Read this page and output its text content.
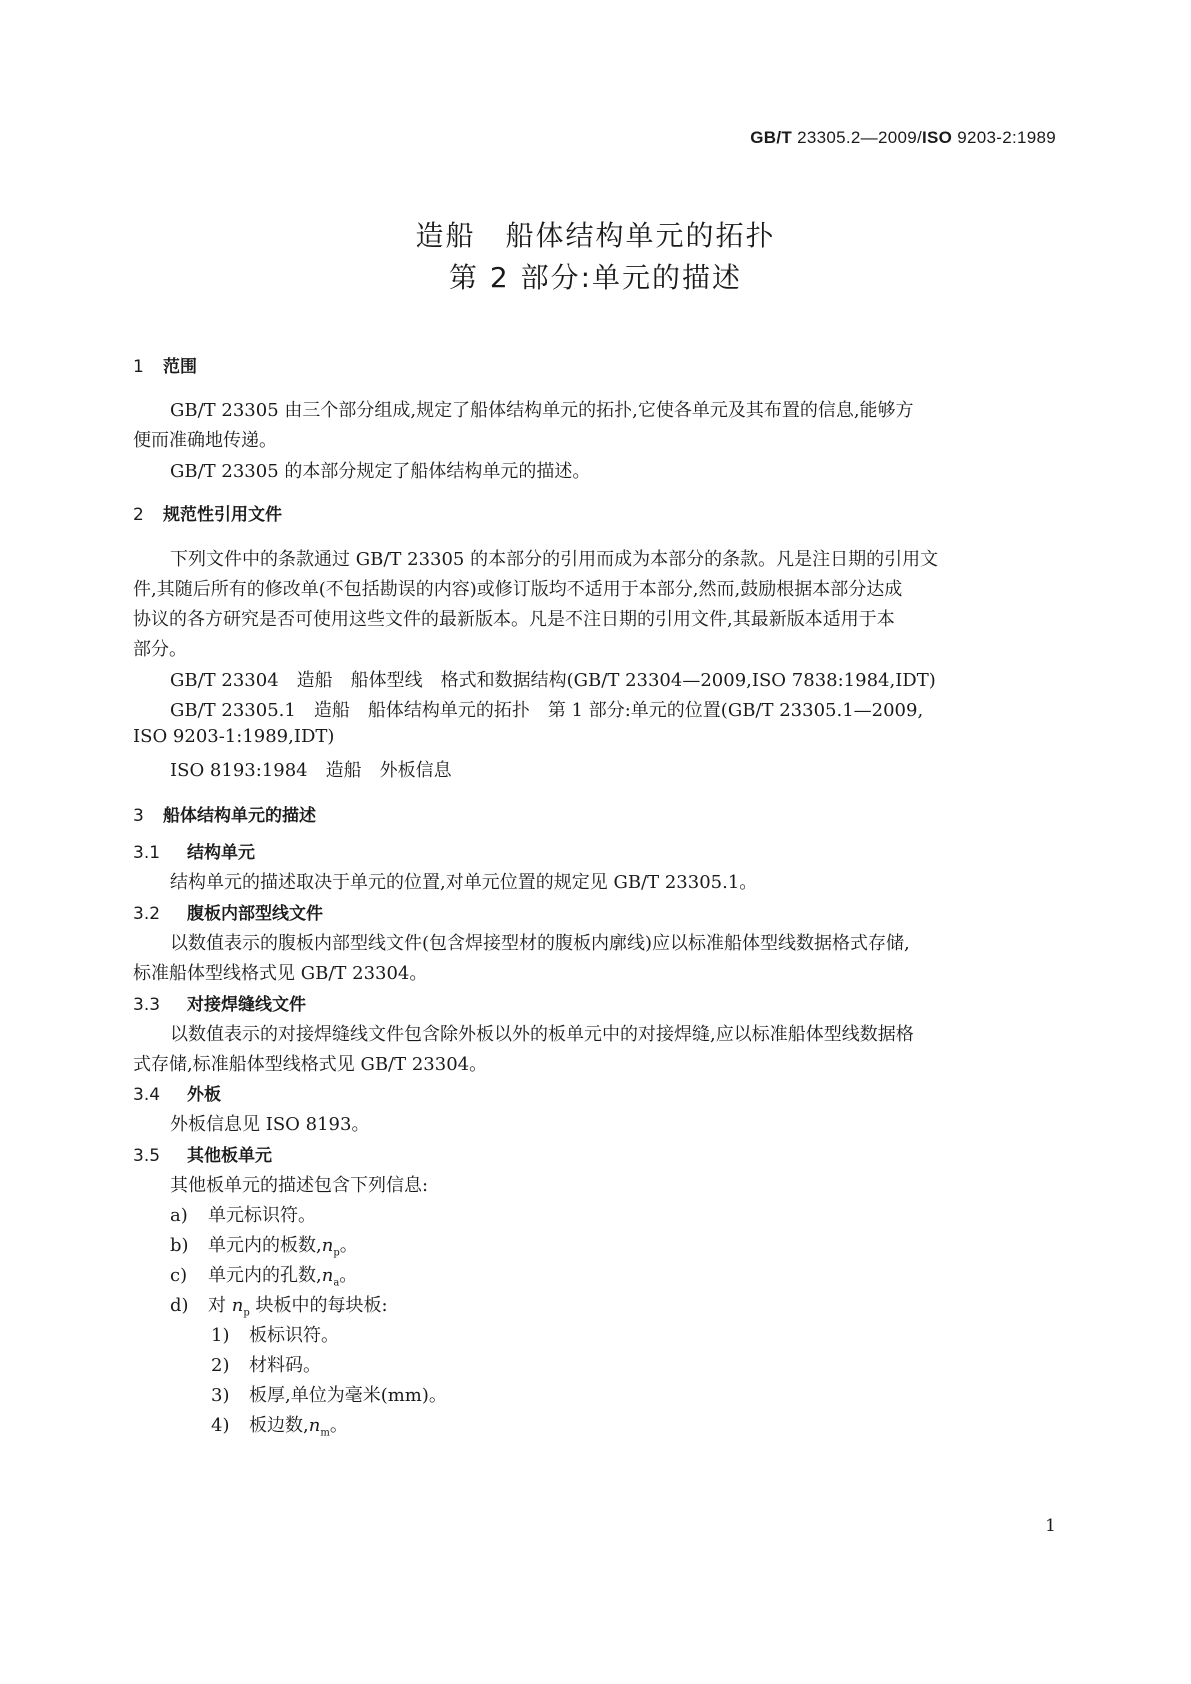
GB/T 23305.2—2009/ISO 9203-2:1989
造船　船体结构单元的拓扑
第 2 部分:单元的描述
1 范围
GB/T 23305 由三个部分组成,规定了船体结构单元的拓扑,它使各单元及其布置的信息,能够方
便而准确地传递。
GB/T 23305 的本部分规定了船体结构单元的描述。
2 规范性引用文件
下列文件中的条款通过 GB/T 23305 的本部分的引用而成为本部分的条款。凡是注日期的引用文
件,其随后所有的修改单(不包括勘误的内容)或修订版均不适用于本部分,然而,鼓励根据本部分达成
协议的各方研究是否可使用这些文件的最新版本。凡是不注日期的引用文件,其最新版本适用于本
部分。
GB/T 23304　造船　船体型线　格式和数据结构(GB/T 23304—2009,ISO 7838:1984,IDT)
GB/T 23305.1　造船　船体结构单元的拓扑　第 1 部分:单元的位置(GB/T 23305.1—2009,
ISO 9203-1:1989,IDT)
ISO 8193:1984　造船　外板信息
3 船体结构单元的描述
3.1 结构单元
结构单元的描述取决于单元的位置,对单元位置的规定见 GB/T 23305.1。
3.2 腹板内部型线文件
以数值表示的腹板内部型线文件(包含焊接型材的腹板内廓线)应以标准船体型线数据格式存储,
标准船体型线格式见 GB/T 23304。
3.3 对接焊缝线文件
以数值表示的对接焊缝线文件包含除外板以外的板单元中的对接焊缝,应以标准船体型线数据格
式存储,标准船体型线格式见 GB/T 23304。
3.4 外板
外板信息见 ISO 8193。
3.5 其他板单元
其他板单元的描述包含下列信息:
a) 单元标识符。
b) 单元内的板数$,n_p$。
c) 单元内的孔数$,n_a$。
d) 对 $n_p$ 块板中的每块板:
1) 板标识符。
2) 材料码。
3) 板厚,单位为毫米(mm)。
4) 板边数$,n_m$。
1
